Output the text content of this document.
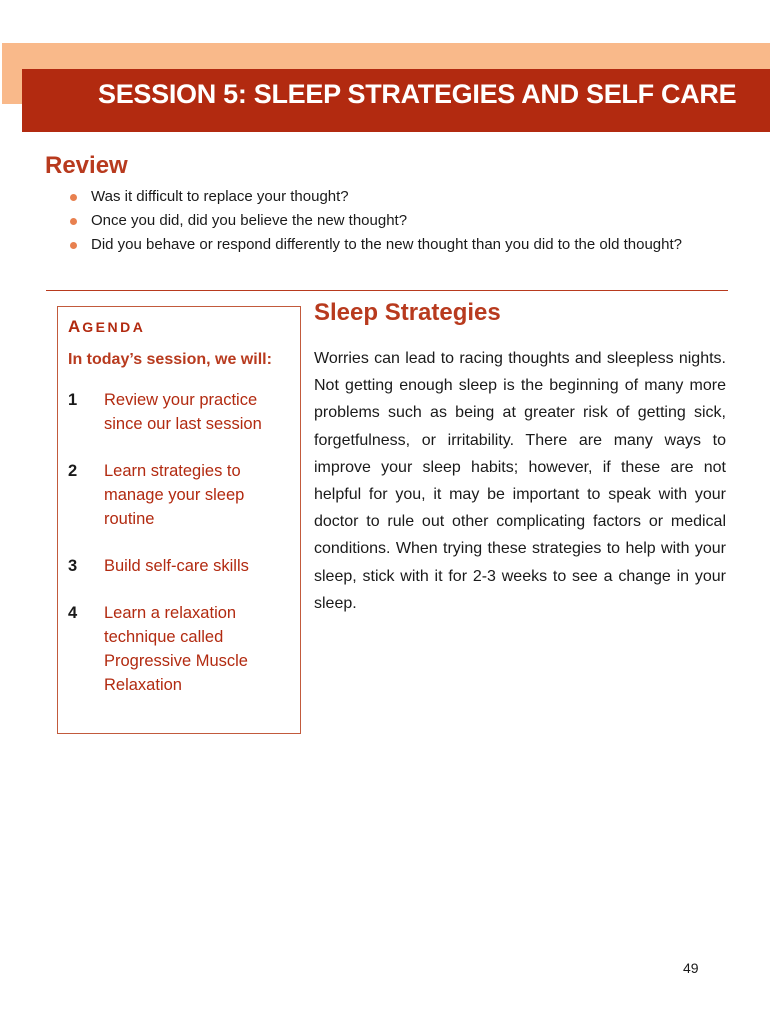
SESSION 5: SLEEP STRATEGIES AND SELF CARE
Review
Was it difficult to replace your thought?
Once you did, did you believe the new thought?
Did you behave or respond differently to the new thought than you did to the old thought?
AGENDA
In today’s session, we will:
1 Review your practice since our last session
2 Learn strategies to manage your sleep routine
3 Build self-care skills
4 Learn a relaxation technique called Progressive Muscle Relaxation
Sleep Strategies

Worries can lead to racing thoughts and sleepless nights. Not getting enough sleep is the beginning of many more problems such as being at greater risk of getting sick, forgetfulness, or irritability. There are many ways to improve your sleep habits; however, if these are not helpful for you, it may be important to speak with your doctor to rule out other complicating factors or medical conditions. When trying these strategies to help with your sleep, stick with it for 2-3 weeks to see a change in your sleep.

49
